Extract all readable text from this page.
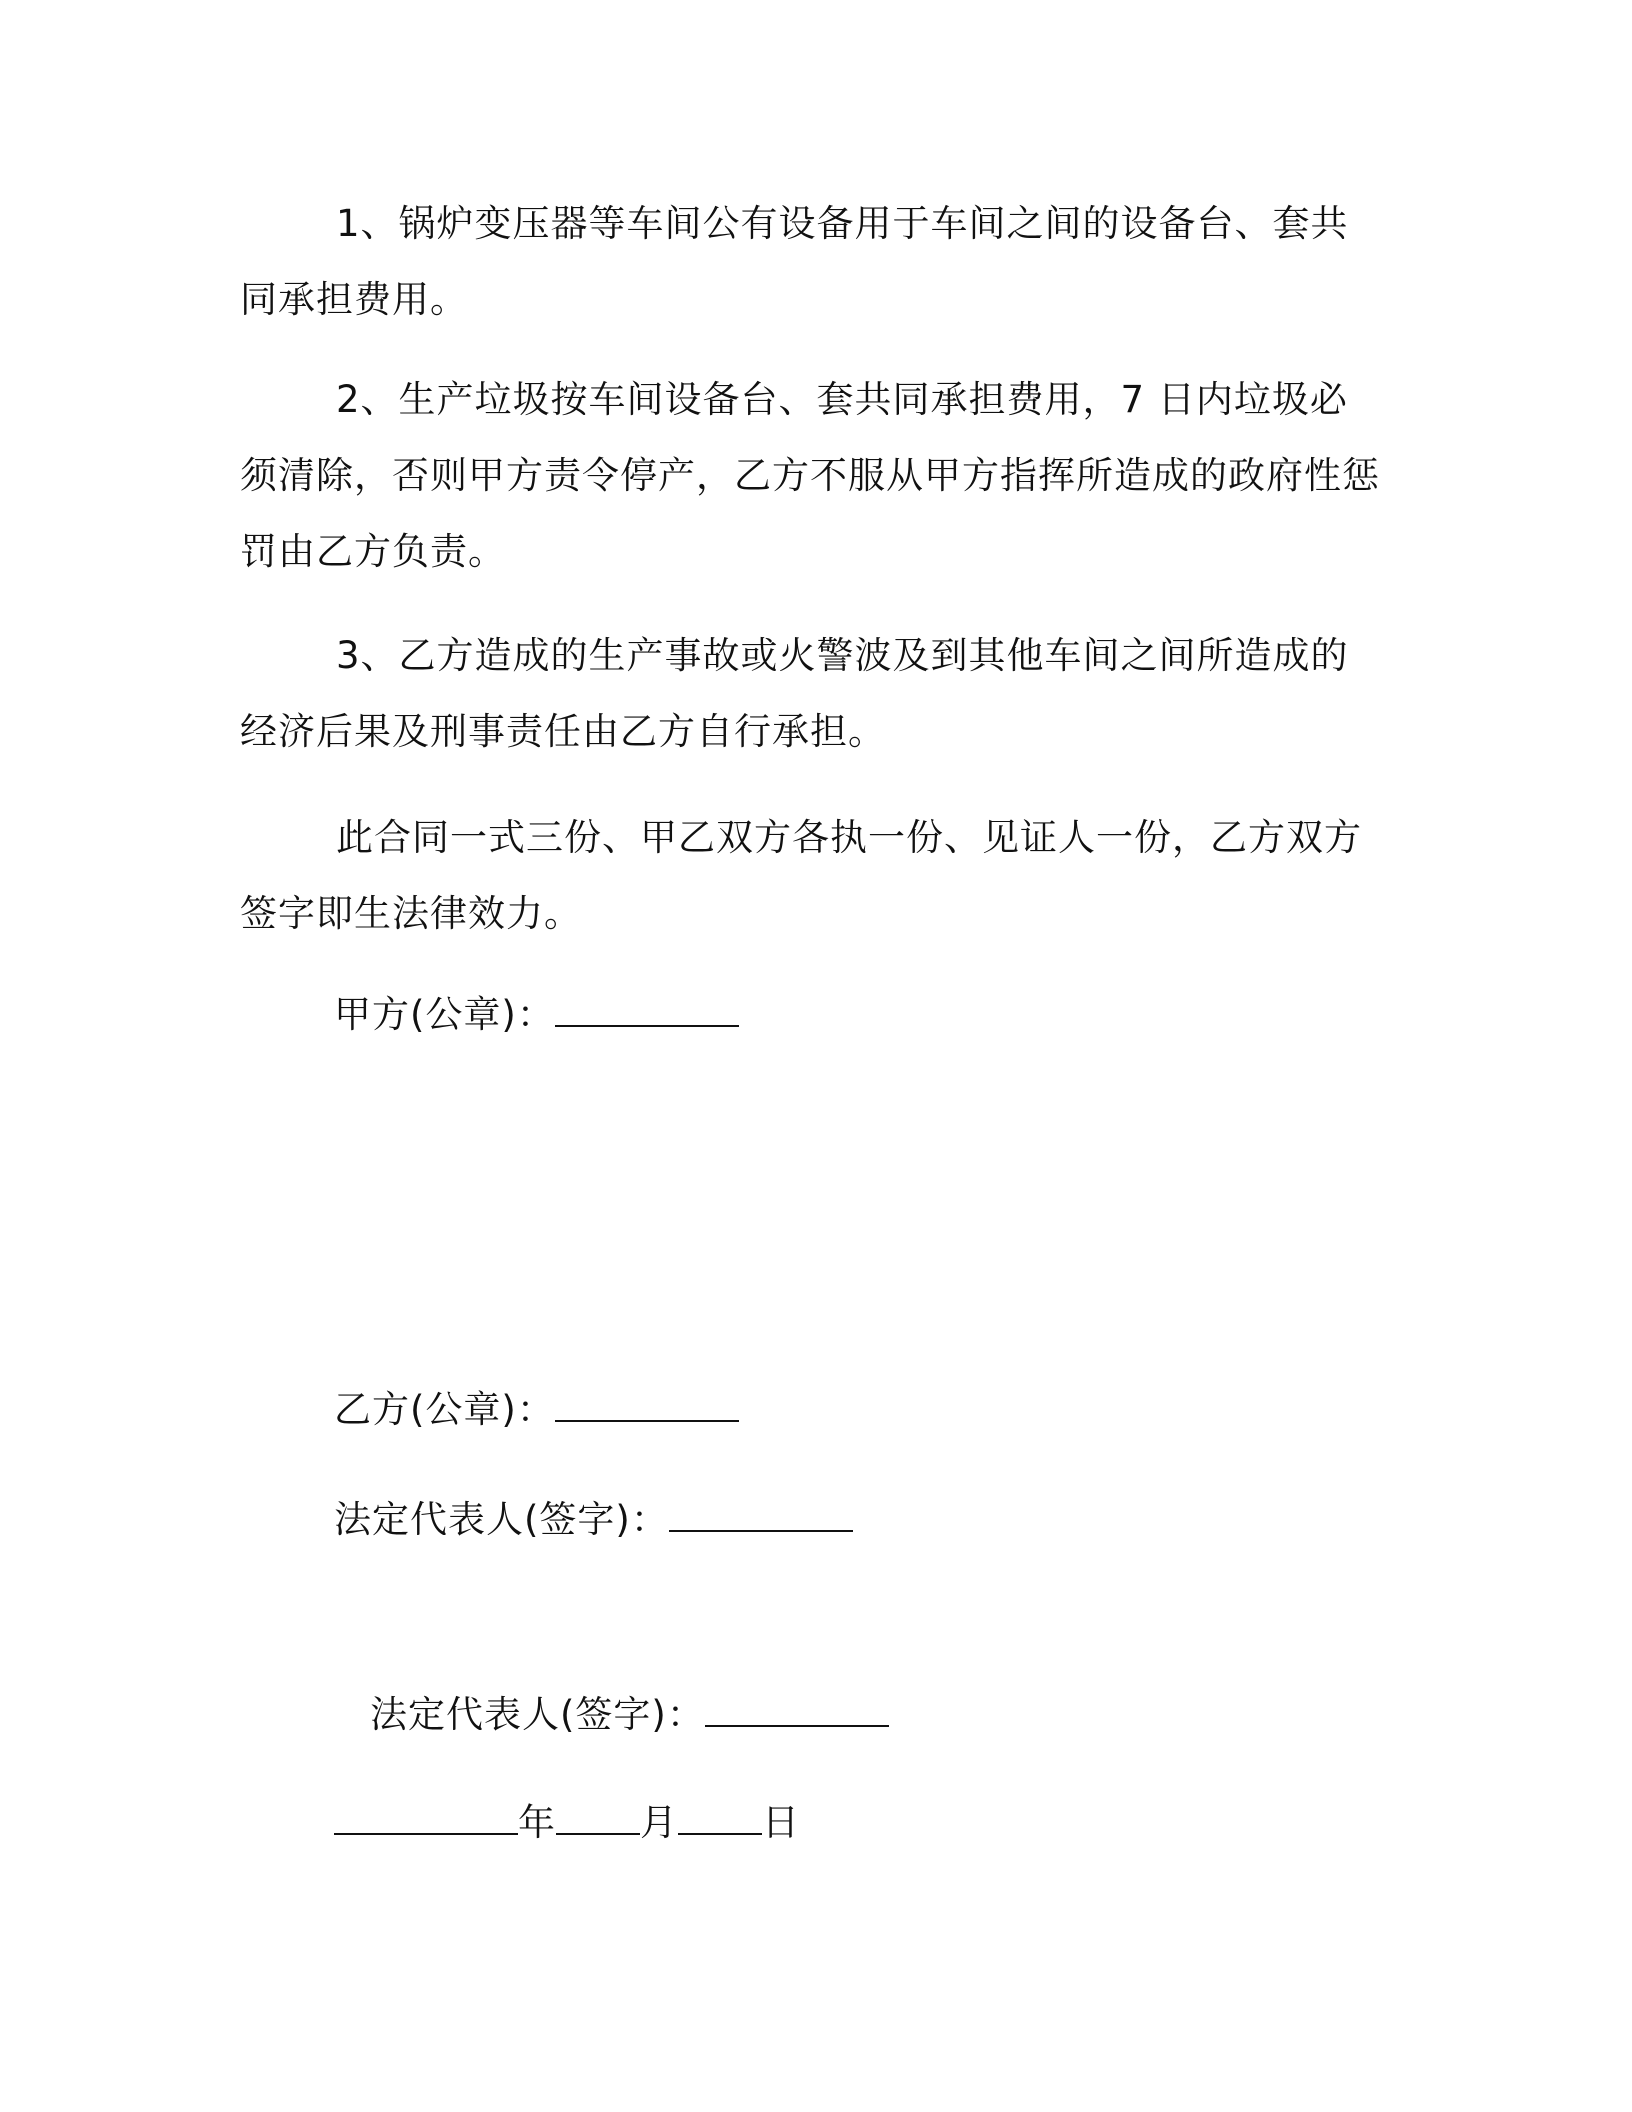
1、锅炉变压器等车间公有设备用于车间之间的设备台、套共同承担费用。

2、生产垃圾按车间设备台、套共同承担费用，7 日内垃圾必须清除，否则甲方责令停产，乙方不服从甲方指挥所造成的政府性惩罚由乙方负责。

3、乙方造成的生产事故或火警波及到其他车间之间所造成的经济后果及刑事责任由乙方自行承担。

此合同一式三份、甲乙双方各执一份、见证人一份，乙方双方签字即生法律效力。

甲方(公章)：
乙方(公章)：
法定代表人(签字)：
法定代表人(签字)：
年 月 日
